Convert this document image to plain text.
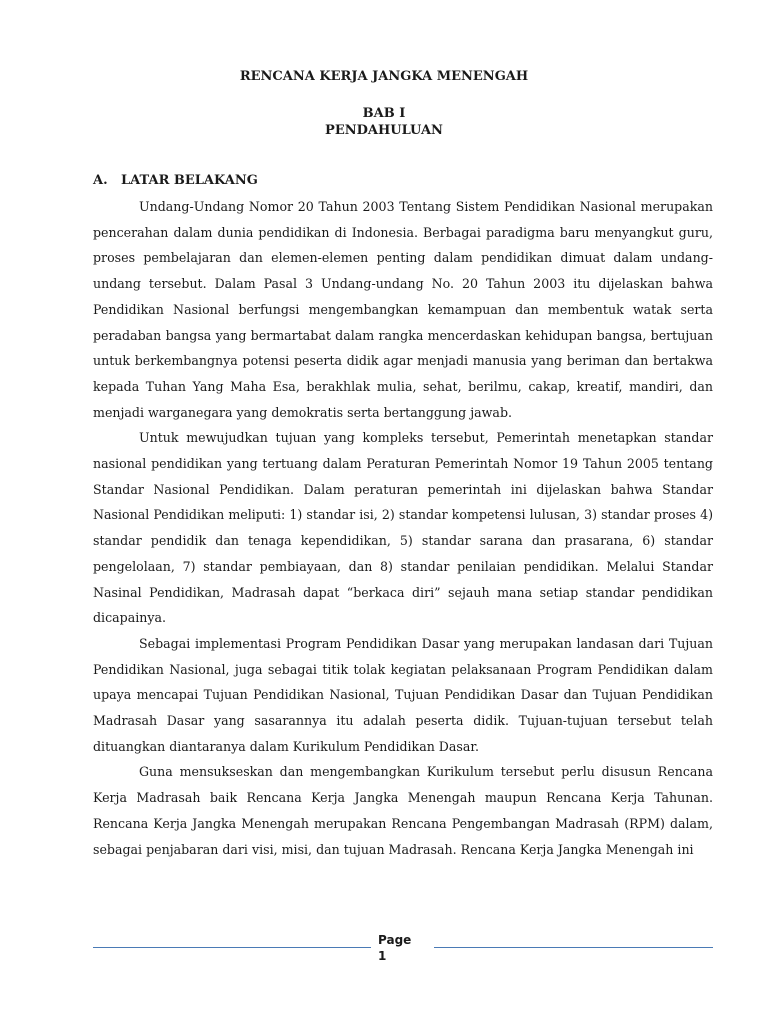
RENCANA KERJA JANGKA MENENGAH
BAB I
PENDAHULUAN
A. LATAR BELAKANG

Undang-Undang Nomor 20 Tahun 2003 Tentang Sistem Pendidikan Nasional merupakan pencerahan dalam dunia pendidikan di Indonesia. Berbagai paradigma baru menyangkut guru, proses pembelajaran dan elemen-elemen penting dalam pendidikan dimuat dalam undang-undang tersebut. Dalam Pasal 3 Undang-undang No. 20 Tahun 2003 itu dijelaskan bahwa Pendidikan Nasional berfungsi mengembangkan kemampuan dan membentuk watak serta peradaban bangsa yang bermartabat dalam rangka mencerdaskan kehidupan bangsa, bertujuan untuk berkembangnya potensi peserta didik agar menjadi manusia yang beriman dan bertakwa kepada Tuhan Yang Maha Esa, berakhlak mulia, sehat, berilmu, cakap, kreatif, mandiri, dan menjadi warganegara yang demokratis serta bertanggung jawab.

Untuk mewujudkan tujuan yang kompleks tersebut, Pemerintah menetapkan standar nasional pendidikan yang tertuang dalam Peraturan Pemerintah Nomor 19 Tahun 2005 tentang Standar Nasional Pendidikan. Dalam peraturan pemerintah ini dijelaskan bahwa Standar Nasional Pendidikan meliputi: 1) standar isi, 2) standar kompetensi lulusan, 3) standar proses 4) standar pendidik dan tenaga kependidikan, 5) standar sarana dan prasarana, 6) standar pengelolaan, 7) standar pembiayaan, dan 8) standar penilaian pendidikan. Melalui Standar Nasinal Pendidikan, Madrasah dapat “berkaca diri” sejauh mana setiap standar pendidikan dicapainya.

Sebagai implementasi Program Pendidikan Dasar yang merupakan landasan dari Tujuan Pendidikan Nasional, juga sebagai titik tolak kegiatan pelaksanaan Program Pendidikan dalam upaya mencapai Tujuan Pendidikan Nasional, Tujuan Pendidikan Dasar dan Tujuan Pendidikan Madrasah Dasar yang sasarannya itu adalah peserta didik. Tujuan-tujuan tersebut telah dituangkan diantaranya dalam Kurikulum Pendidikan Dasar.

Guna mensukseskan dan mengembangkan Kurikulum tersebut perlu disusun Rencana Kerja Madrasah baik Rencana Kerja Jangka Menengah maupun Rencana Kerja Tahunan. Rencana Kerja Jangka Menengah merupakan Rencana Pengembangan Madrasah (RPM) dalam, sebagai penjabaran dari visi, misi, dan tujuan Madrasah. Rencana Kerja Jangka Menengah ini

Page
1
